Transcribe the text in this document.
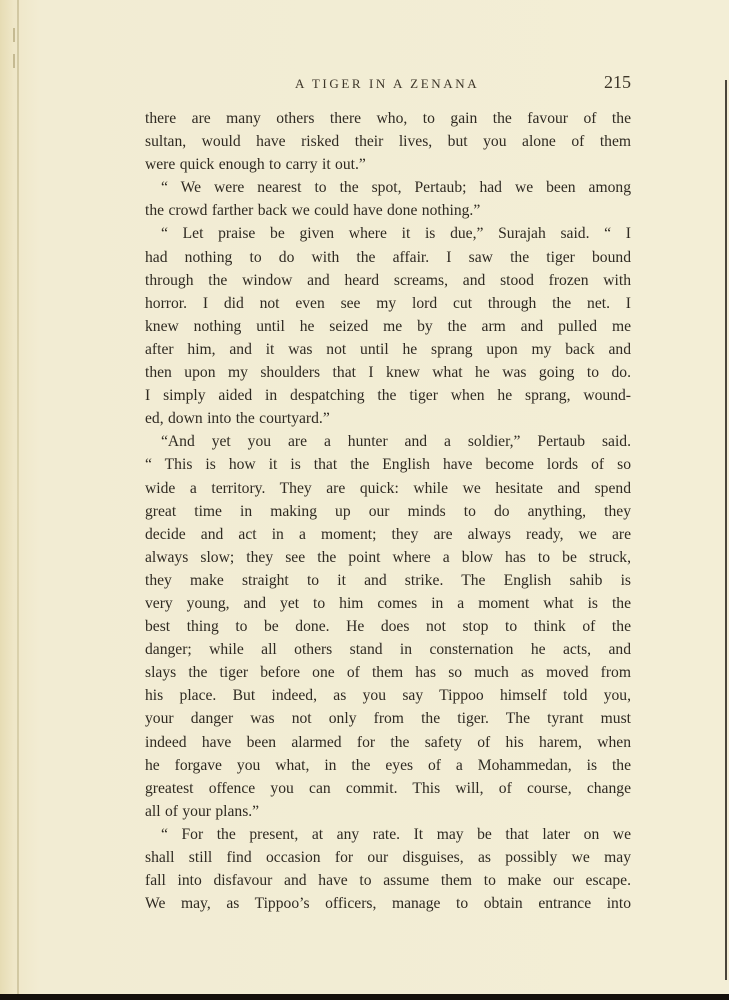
A TIGER IN A ZENANA	215
there are many others there who, to gain the favour of the
sultan, would have risked their lives, but you alone of them
were quick enough to carry it out.”
“ We were nearest to the spot, Pertaub; had we been among
the crowd farther back we could have done nothing.”
“ Let praise be given where it is due,” Surajah said. “ I
had nothing to do with the affair. I saw the tiger bound
through the window and heard screams, and stood frozen with
horror. I did not even see my lord cut through the net. I
knew nothing until he seized me by the arm and pulled me
after him, and it was not until he sprang upon my back and
then upon my shoulders that I knew what he was going to do.
I simply aided in despatching the tiger when he sprang, wound-
ed, down into the courtyard.”
“And yet you are a hunter and a soldier,” Pertaub said.
“ This is how it is that the English have become lords of so
wide a territory. They are quick: while we hesitate and spend
great time in making up our minds to do anything, they
decide and act in a moment; they are always ready, we are
always slow; they see the point where a blow has to be struck,
they make straight to it and strike. The English sahib is
very young, and yet to him comes in a moment what is the
best thing to be done. He does not stop to think of the
danger; while all others stand in consternation he acts, and
slays the tiger before one of them has so much as moved from
his place. But indeed, as you say Tippoo himself told you,
your danger was not only from the tiger. The tyrant must
indeed have been alarmed for the safety of his harem, when
he forgave you what, in the eyes of a Mohammedan, is the
greatest offence you can commit. This will, of course, change
all of your plans.”
“ For the present, at any rate. It may be that later on we
shall still find occasion for our disguises, as possibly we may
fall into disfavour and have to assume them to make our escape.
We may, as Tippoo’s officers, manage to obtain entrance into
